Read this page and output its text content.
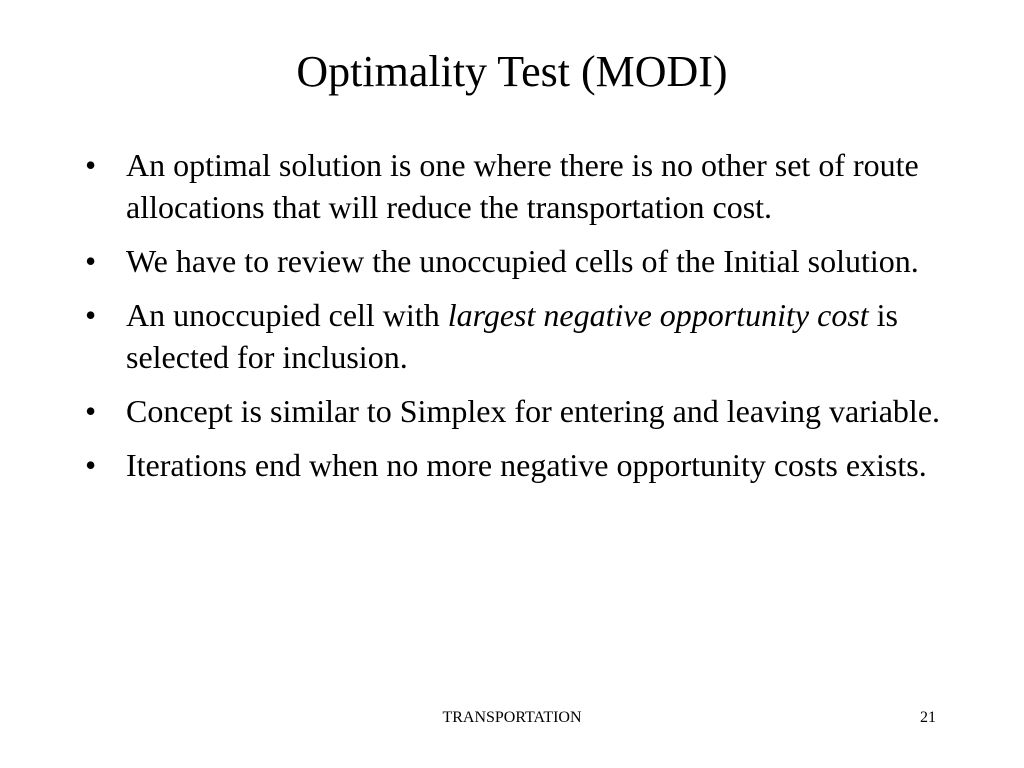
Optimality Test (MODI)
• An optimal solution is one where there is no other set of route allocations that will reduce the transportation cost.
• We have to review the unoccupied cells of the Initial solution.
• An unoccupied cell with largest negative opportunity cost is selected for inclusion.
• Concept is similar to Simplex for entering and leaving variable.
• Iterations end when no more negative opportunity costs exists.
TRANSPORTATION	21
